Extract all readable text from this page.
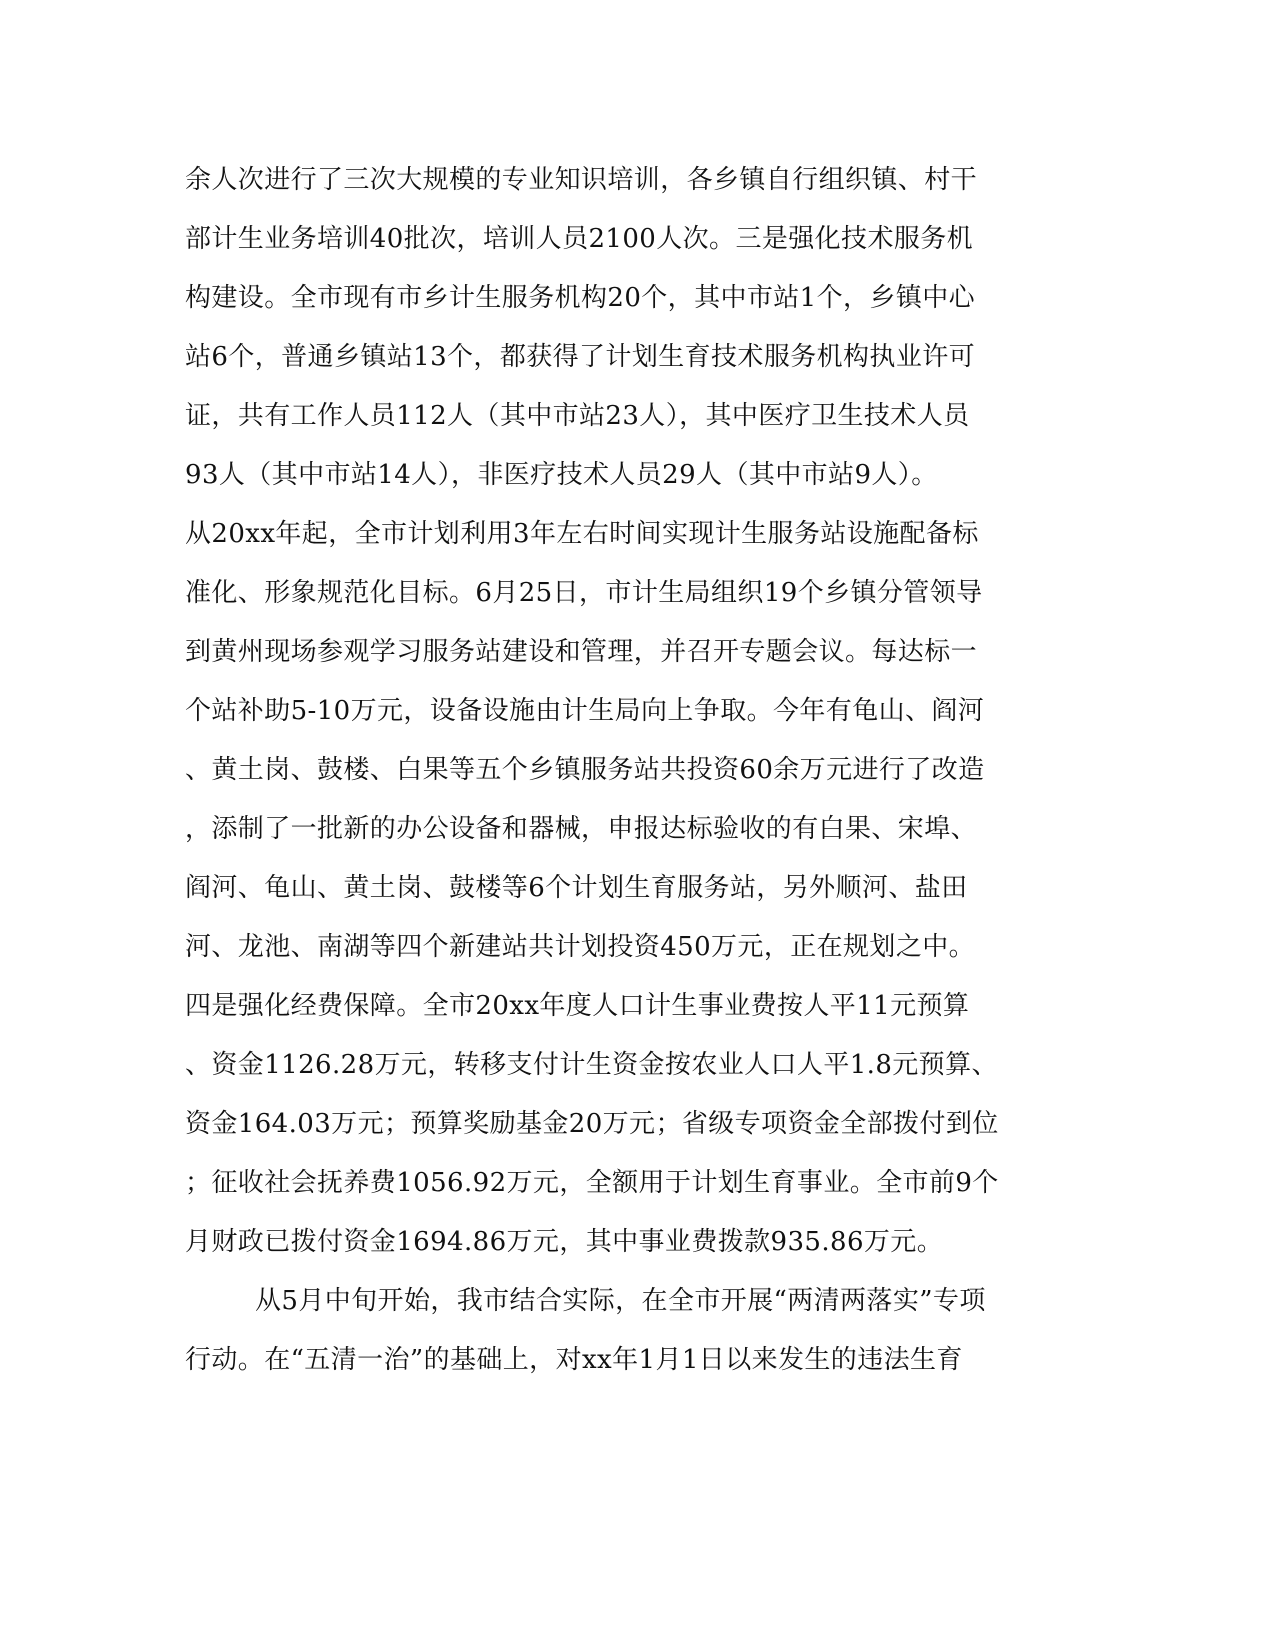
余人次进行了三次大规模的专业知识培训，各乡镇自行组织镇、村干
部计生业务培训40批次，培训人员2100人次。三是强化技术服务机
构建设。全市现有市乡计生服务机构20个，其中市站1个，乡镇中心
站6个，普通乡镇站13个，都获得了计划生育技术服务机构执业许可
证，共有工作人员112人（其中市站23人），其中医疗卫生技术人员
93人（其中市站14人），非医疗技术人员29人（其中市站9人）。
从20xx年起，全市计划利用3年左右时间实现计生服务站设施配备标
准化、形象规范化目标。6月25日，市计生局组织19个乡镇分管领导
到黄州现场参观学习服务站建设和管理，并召开专题会议。每达标一
个站补助5-10万元，设备设施由计生局向上争取。今年有龟山、阎河
、黄土岗、鼓楼、白果等五个乡镇服务站共投资60余万元进行了改造
，添制了一批新的办公设备和器械，申报达标验收的有白果、宋埠、
阎河、龟山、黄土岗、鼓楼等6个计划生育服务站，另外顺河、盐田
河、龙池、南湖等四个新建站共计划投资450万元，正在规划之中。
四是强化经费保障。全市20xx年度人口计生事业费按人平11元预算
、资金1126.28万元，转移支付计生资金按农业人口人平1.8元预算、
资金164.03万元；预算奖励基金20万元；省级专项资金全部拨付到位
；征收社会抚养费1056.92万元，全额用于计划生育事业。全市前9个
月财政已拨付资金1694.86万元，其中事业费拨款935.86万元。
从5月中旬开始，我市结合实际，在全市开展“两清两落实”专项
行动。在“五清一治”的基础上，对xx年1月1日以来发生的违法生育
